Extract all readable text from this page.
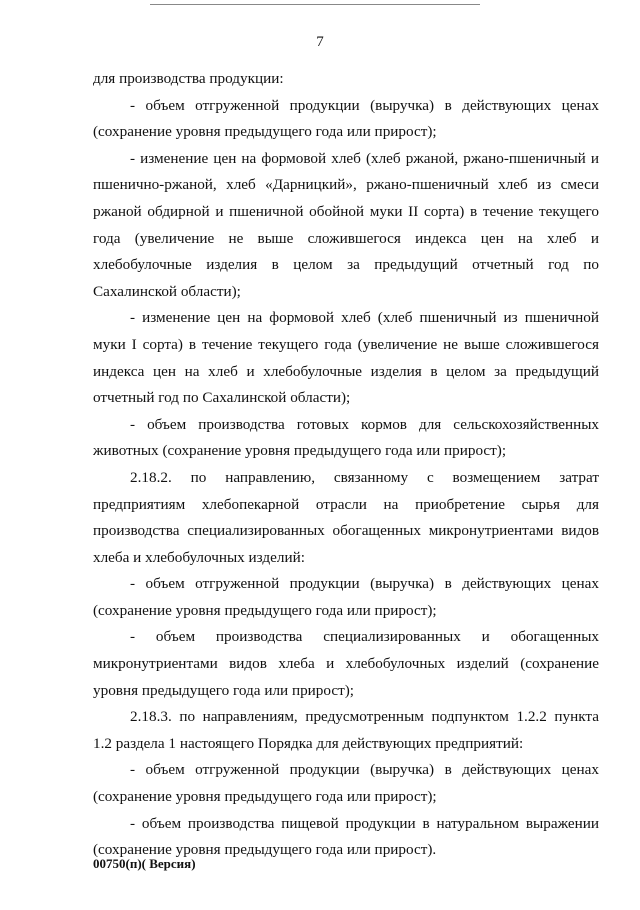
7

для производства продукции:

- объем отгруженной продукции (выручка) в действующих ценах (сохранение уровня предыдущего года или прирост);

- изменение цен на формовой хлеб (хлеб ржаной, ржано-пшеничный и пшенично-ржаной, хлеб «Дарницкий», ржано-пшеничный хлеб из смеси ржаной обдирной и пшеничной обойной муки II сорта) в течение текущего года (увеличение не выше сложившегося индекса цен на хлеб и хлебобулочные изделия в целом за предыдущий отчетный год по Сахалинской области);

- изменение цен на формовой хлеб (хлеб пшеничный из пшеничной муки I сорта) в течение текущего года (увеличение не выше сложившегося индекса цен на хлеб и хлебобулочные изделия в целом за предыдущий отчетный год по Сахалинской области);

- объем производства готовых кормов для сельскохозяйственных животных (сохранение уровня предыдущего года или прирост);

2.18.2. по направлению, связанному с возмещением затрат предприятиям хлебопекарной отрасли на приобретение сырья для производства специализированных обогащенных микронутриентами видов хлеба и хлебобулочных изделий:

- объем отгруженной продукции (выручка) в действующих ценах (сохранение уровня предыдущего года или прирост);

- объем производства специализированных и обогащенных микронутриентами видов хлеба и хлебобулочных изделий (сохранение уровня предыдущего года или прирост);

2.18.3. по направлениям, предусмотренным подпунктом 1.2.2 пункта 1.2 раздела 1 настоящего Порядка для действующих предприятий:

- объем отгруженной продукции (выручка) в действующих ценах (сохранение уровня предыдущего года или прирост);

- объем производства пищевой продукции в натуральном выражении (сохранение уровня предыдущего года или прирост).

00750(п)( Версия)
